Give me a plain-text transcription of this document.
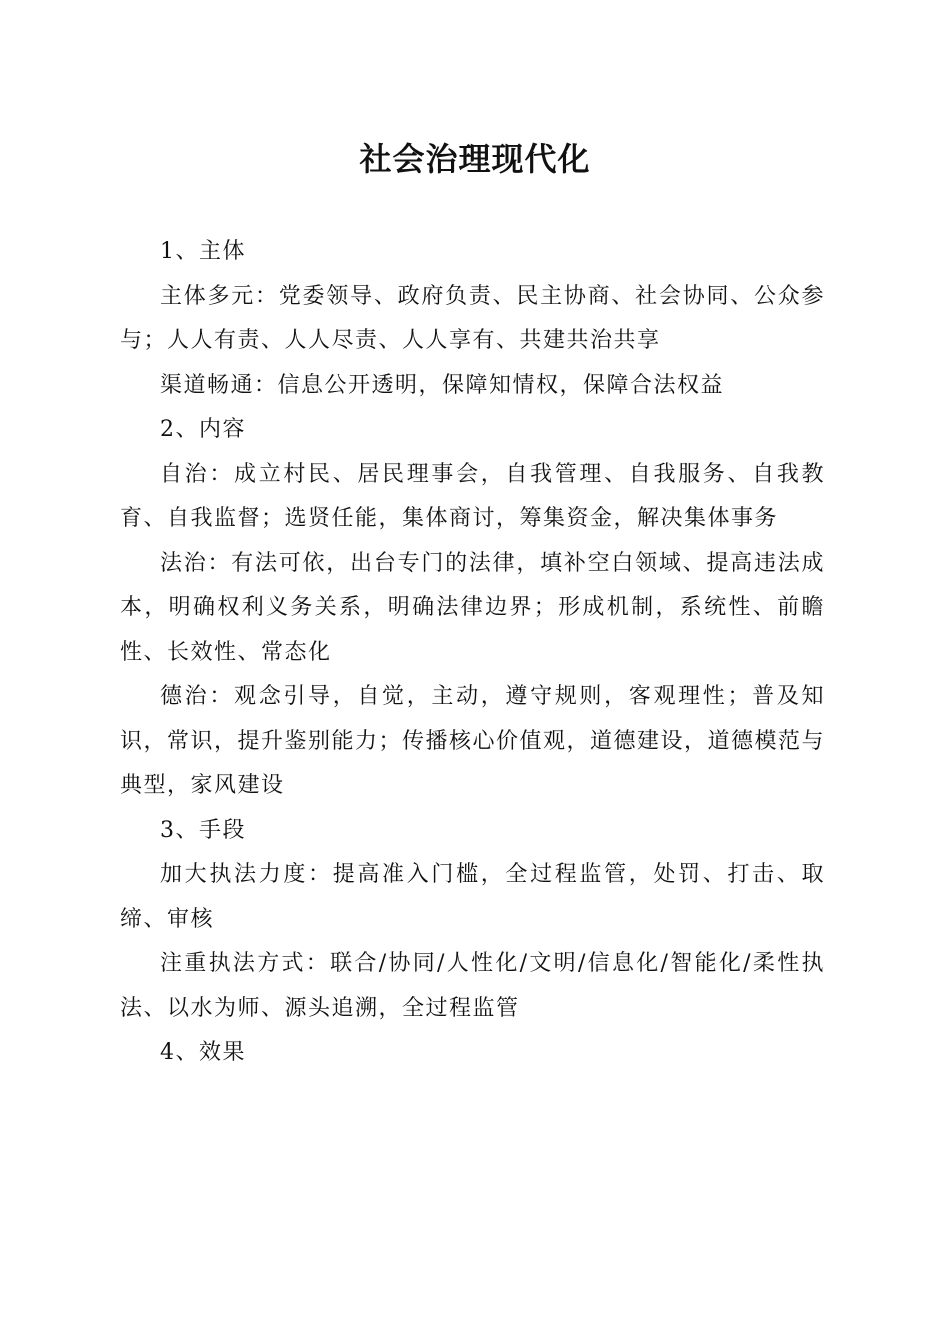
社会治理现代化

1、主体

主体多元：党委领导、政府负责、民主协商、社会协同、公众参与；人人有责、人人尽责、人人享有、共建共治共享

渠道畅通：信息公开透明，保障知情权，保障合法权益

2、内容

自治：成立村民、居民理事会，自我管理、自我服务、自我教育、自我监督；选贤任能，集体商讨，筹集资金，解决集体事务

法治：有法可依，出台专门的法律，填补空白领域、提高违法成本，明确权利义务关系，明确法律边界；形成机制，系统性、前瞻性、长效性、常态化

德治：观念引导，自觉，主动，遵守规则，客观理性；普及知识，常识，提升鉴别能力；传播核心价值观，道德建设，道德模范与典型，家风建设

3、手段

加大执法力度：提高准入门槛，全过程监管，处罚、打击、取缔、审核

注重执法方式：联合/协同/人性化/文明/信息化/智能化/柔性执法、以水为师、源头追溯，全过程监管

4、效果
